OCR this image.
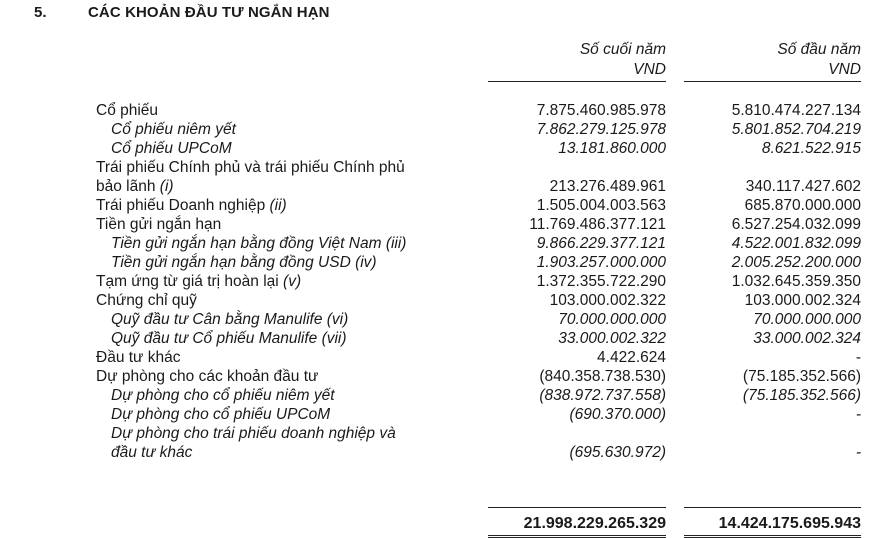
5.	CÁC KHOẢN ĐẦU TƯ NGẮN HẠN
Số cuối năm
VND
Số đầu năm
VND
Cổ phiếu	7.875.460.985.978	5.810.474.227.134
Cổ phiếu niêm yết	7.862.279.125.978	5.801.852.704.219
Cổ phiếu UPCoM	13.181.860.000	8.621.522.915
Trái phiếu Chính phủ và trái phiếu Chính phủ
bảo lãnh (i)	213.276.489.961	340.117.427.602
Trái phiếu Doanh nghiệp (ii)	1.505.004.003.563	685.870.000.000
Tiền gửi ngắn hạn	11.769.486.377.121	6.527.254.032.099
Tiền gửi ngắn hạn bằng đồng Việt Nam (iii)	9.866.229.377.121	4.522.001.832.099
Tiền gửi ngắn hạn bằng đồng USD (iv)	1.903.257.000.000	2.005.252.200.000
Tạm ứng từ giá trị hoàn lại (v)	1.372.355.722.290	1.032.645.359.350
Chứng chỉ quỹ	103.000.002.322	103.000.002.324
Quỹ đầu tư Cân bằng Manulife (vi)	70.000.000.000	70.000.000.000
Quỹ đầu tư Cổ phiếu Manulife (vii)	33.000.002.322	33.000.002.324
Đầu tư khác	4.422.624	-
Dự phòng cho các khoản đầu tư	(840.358.738.530)	(75.185.352.566)
Dự phòng cho cổ phiếu niêm yết	(838.972.737.558)	(75.185.352.566)
Dự phòng cho cổ phiếu UPCoM	(690.370.000)	-
Dự phòng cho trái phiếu doanh nghiệp và
đầu tư khác	(695.630.972)	-
21.998.229.265.329	14.424.175.695.943
